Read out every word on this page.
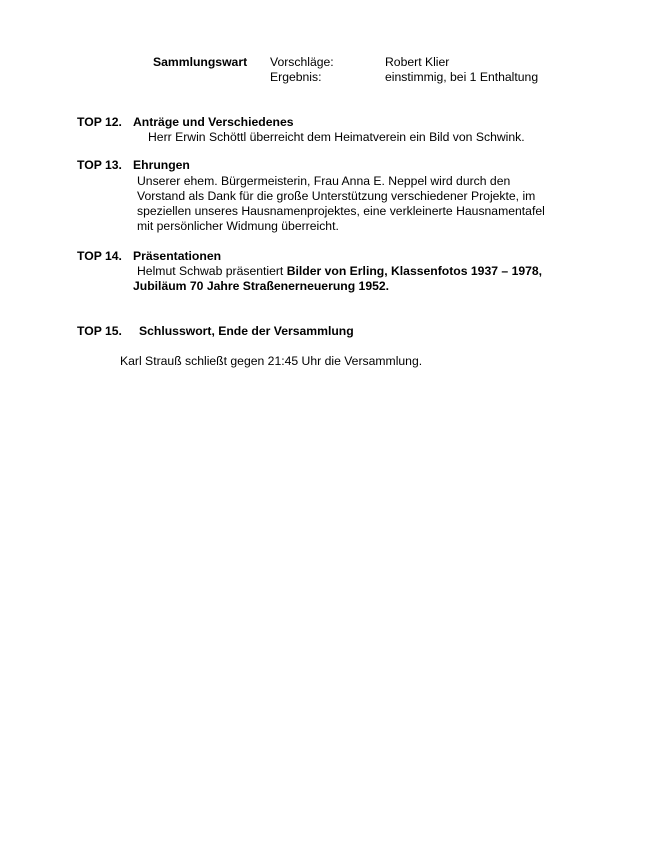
Sammlungswart Vorschläge:	Robert Klier
Ergebnis:	einstimmig, bei 1 Enthaltung
TOP 12. Anträge und Verschiedenes
Herr Erwin Schöttl überreicht dem Heimatverein ein Bild von Schwink.
TOP 13. Ehrungen
Unserer ehem. Bürgermeisterin, Frau Anna E. Neppel wird durch den
Vorstand als Dank für die große Unterstützung verschiedener Projekte, im
speziellen unseres Hausnamenprojektes, eine verkleinerte Hausnamentafel
mit persönlicher Widmung überreicht.
TOP 14. Präsentationen
Helmut Schwab präsentiert Bilder von Erling, Klassenfotos 1937 – 1978,
Jubiläum 70 Jahre Straßenerneuerung 1952.
TOP 15. Schlusswort, Ende der Versammlung
Karl Strauß schließt gegen 21:45 Uhr die Versammlung.
